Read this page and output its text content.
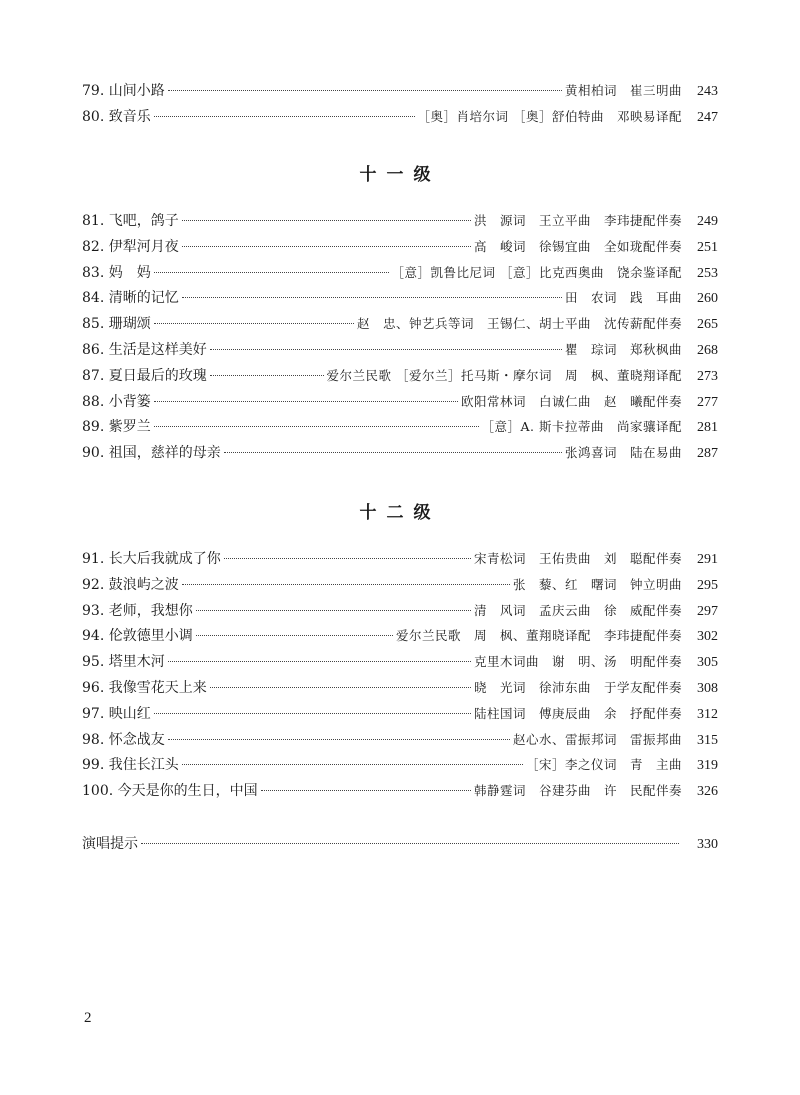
79. 山间小路	黄相柏词　崔三明曲	243
80. 致音乐	［奥］肖培尔词 ［奥］舒伯特曲　邓映易译配	247
十一级
81. 飞吧，鸽子	洪　源词　王立平曲　李玮捷配伴奏	249
82. 伊犁河月夜	高　峻词　徐锡宜曲　全如珑配伴奏	251
83. 妈　妈	［意］凯鲁比尼词 ［意］比克西奥曲　饶余鉴译配	253
84. 清晰的记忆	田　农词　践　耳曲	260
85. 珊瑚颂	赵　忠、钟艺兵等词　王锡仁、胡士平曲　沈传薪配伴奏	265
86. 生活是这样美好	瞿　琮词　郑秋枫曲	268
87. 夏日最后的玫瑰	爱尔兰民歌 ［爱尔兰］托马斯・摩尔词　周　枫、董晓翔译配	273
88. 小背篓	欧阳常林词　白诚仁曲　赵　曦配伴奏	277
89. 紫罗兰	［意］A. 斯卡拉蒂曲　尚家骧译配	281
90. 祖国，慈祥的母亲	张鸿喜词　陆在易曲	287
十二级
91. 长大后我就成了你	宋青松词　王佑贵曲　刘　聪配伴奏	291
92. 鼓浪屿之波	张　藜、红　曙词　钟立明曲	295
93. 老师，我想你	清　风词　孟庆云曲　徐　威配伴奏	297
94. 伦敦德里小调	爱尔兰民歌　周　枫、董翔晓译配　李玮捷配伴奏	302
95. 塔里木河	克里木词曲　谢　明、汤　明配伴奏	305
96. 我像雪花天上来	晓　光词　徐沛东曲　于学友配伴奏	308
97. 映山红	陆柱国词　傅庚辰曲　余　抒配伴奏	312
98. 怀念战友	赵心水、雷振邦词　雷振邦曲	315
99. 我住长江头	［宋］李之仪词　青　主曲	319
100. 今天是你的生日，中国	韩静霆词　谷建芬曲　许　民配伴奏	326
演唱提示	330
2
